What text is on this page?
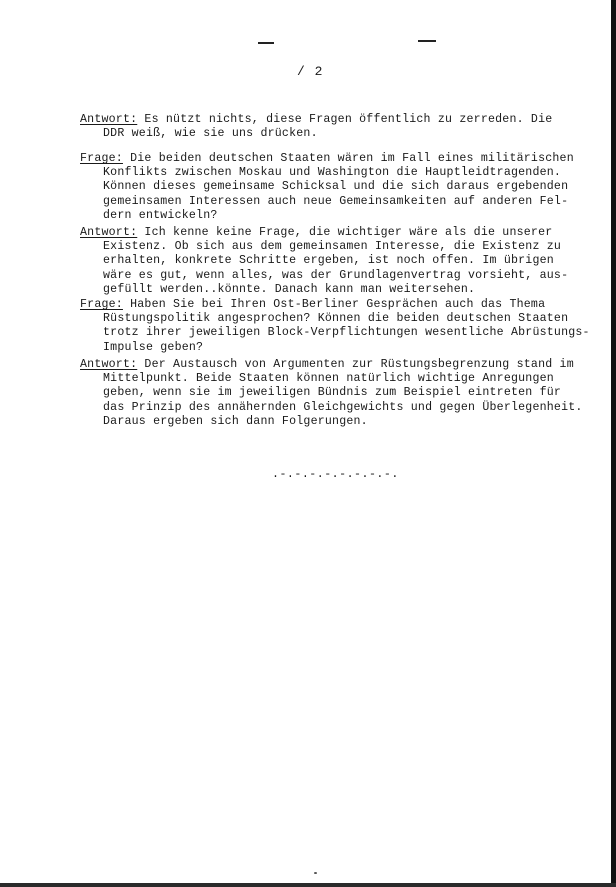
/ 2
Antwort: Es nützt nichts, diese Fragen öffentlich zu zerreden. Die
DDR weiß, wie sie uns drücken.
Frage: Die beiden deutschen Staaten wären im Fall eines militärischen
Konflikts zwischen Moskau und Washington die Hauptleidtragenden.
Können dieses gemeinsame Schicksal und die sich daraus ergebenden
gemeinsamen Interessen auch neue Gemeinsamkeiten auf anderen Fel-
dern entwickeln?
Antwort: Ich kenne keine Frage, die wichtiger wäre als die unserer
Existenz. Ob sich aus dem gemeinsamen Interesse, die Existenz zu
erhalten, konkrete Schritte ergeben, ist noch offen. Im übrigen
wäre es gut, wenn alles, was der Grundlagenvertrag vorsieht, aus-
gefüllt werden..könnte. Danach kann man weitersehen.
Frage: Haben Sie bei Ihren Ost-Berliner Gesprächen auch das Thema
Rüstungspolitik angesprochen? Können die beiden deutschen Staaten
trotz ihrer jeweiligen Block-Verpflichtungen wesentliche Abrüstungs-
Impulse geben?
Antwort: Der Austausch von Argumenten zur Rüstungsbegrenzung stand im
Mittelpunkt. Beide Staaten können natürlich wichtige Anregungen
geben, wenn sie im jeweiligen Bündnis zum Beispiel eintreten für
das Prinzip des annähernden Gleichgewichts und gegen Überlegenheit.
Daraus ergeben sich dann Folgerungen.
.-.-.-.-.-.-.-.-.
